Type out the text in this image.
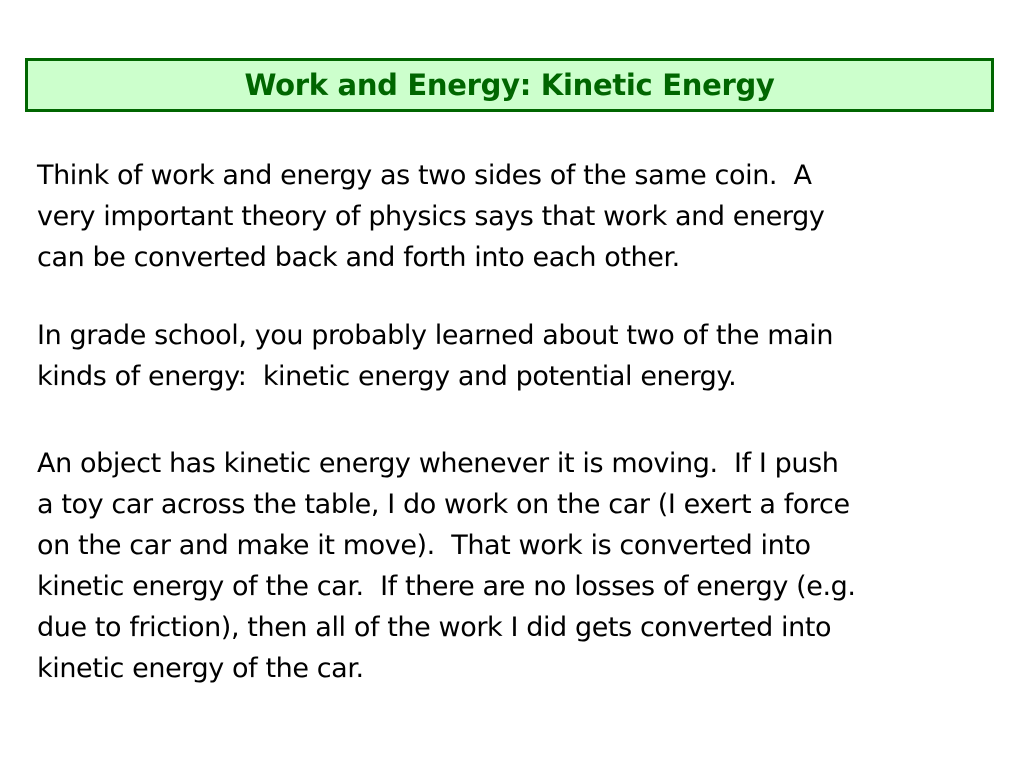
Work and Energy: Kinetic Energy

Think of work and energy as two sides of the same coin.  A
very important theory of physics says that work and energy
can be converted back and forth into each other.

In grade school, you probably learned about two of the main
kinds of energy:  kinetic energy and potential energy.

An object has kinetic energy whenever it is moving.  If I push
a toy car across the table, I do work on the car (I exert a force
on the car and make it move).  That work is converted into
kinetic energy of the car.  If there are no losses of energy (e.g.
due to friction), then all of the work I did gets converted into
kinetic energy of the car.
